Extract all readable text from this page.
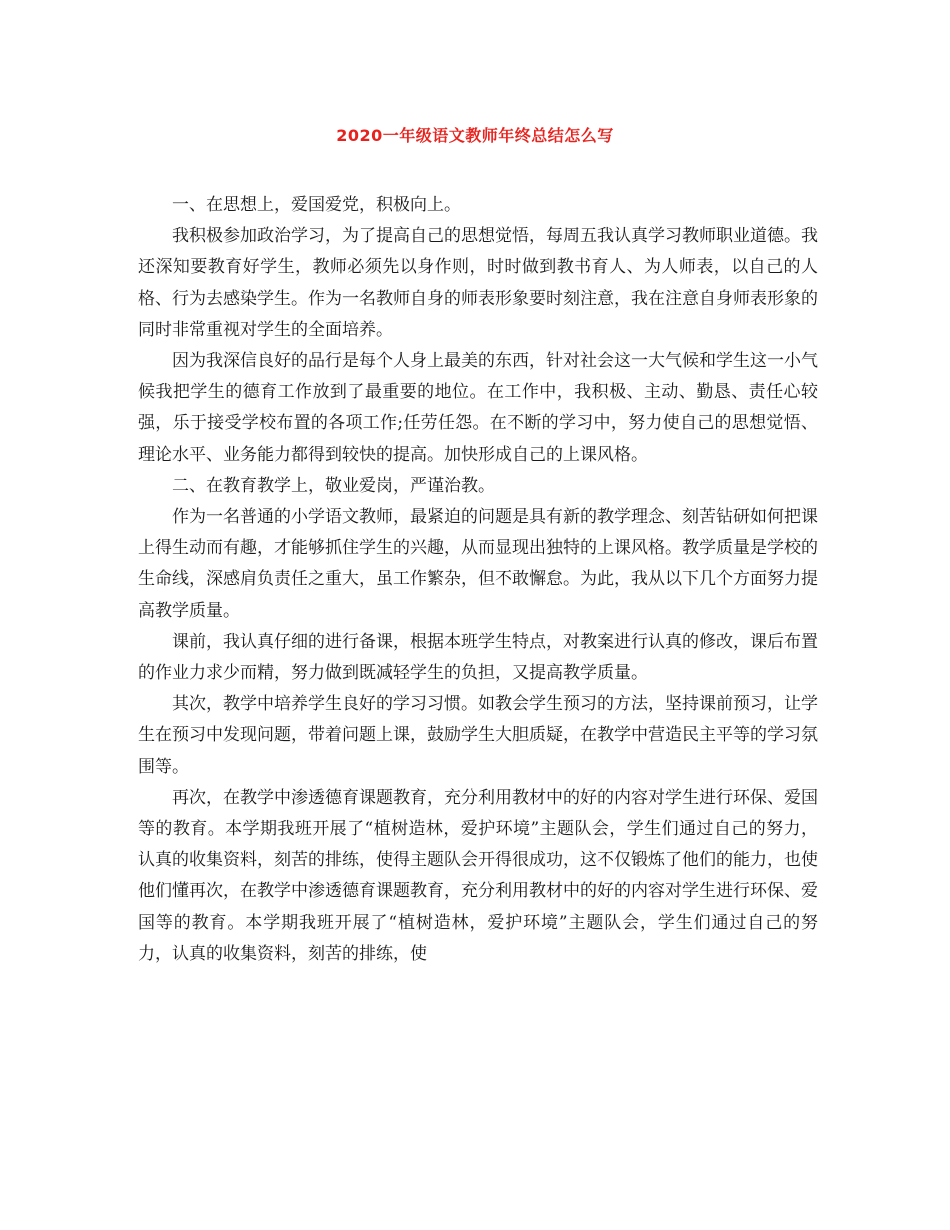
2020一年级语文教师年终总结怎么写

一、在思想上，爱国爱党，积极向上。

我积极参加政治学习，为了提高自己的思想觉悟，每周五我认真学习教师职业道德。我还深知要教育好学生，教师必须先以身作则，时时做到教书育人、为人师表，以自己的人格、行为去感染学生。作为一名教师自身的师表形象要时刻注意，我在注意自身师表形象的同时非常重视对学生的全面培养。

因为我深信良好的品行是每个人身上最美的东西，针对社会这一大气候和学生这一小气候我把学生的德育工作放到了最重要的地位。在工作中，我积极、主动、勤恳、责任心较强，乐于接受学校布置的各项工作;任劳任怨。在不断的学习中，努力使自己的思想觉悟、理论水平、业务能力都得到较快的提高。加快形成自己的上课风格。

二、在教育教学上，敬业爱岗，严谨治教。

作为一名普通的小学语文教师，最紧迫的问题是具有新的教学理念、刻苦钻研如何把课上得生动而有趣，才能够抓住学生的兴趣，从而显现出独特的上课风格。教学质量是学校的生命线，深感肩负责任之重大，虽工作繁杂，但不敢懈怠。为此，我从以下几个方面努力提高教学质量。

课前，我认真仔细的进行备课，根据本班学生特点，对教案进行认真的修改，课后布置的作业力求少而精，努力做到既减轻学生的负担，又提高教学质量。

其次，教学中培养学生良好的学习习惯。如教会学生预习的方法，坚持课前预习，让学生在预习中发现问题，带着问题上课，鼓励学生大胆质疑，在教学中营造民主平等的学习氛围等。

再次，在教学中渗透德育课题教育，充分利用教材中的好的内容对学生进行环保、爱国等的教育。本学期我班开展了“植树造林，爱护环境”主题队会，学生们通过自己的努力，认真的收集资料，刻苦的排练，使得主题队会开得很成功，这不仅锻炼了他们的能力，也使他们懂再次，在教学中渗透德育课题教育，充分利用教材中的好的内容对学生进行环保、爱国等的教育。本学期我班开展了“植树造林，爱护环境”主题队会，学生们通过自己的努力，认真的收集资料，刻苦的排练，使
